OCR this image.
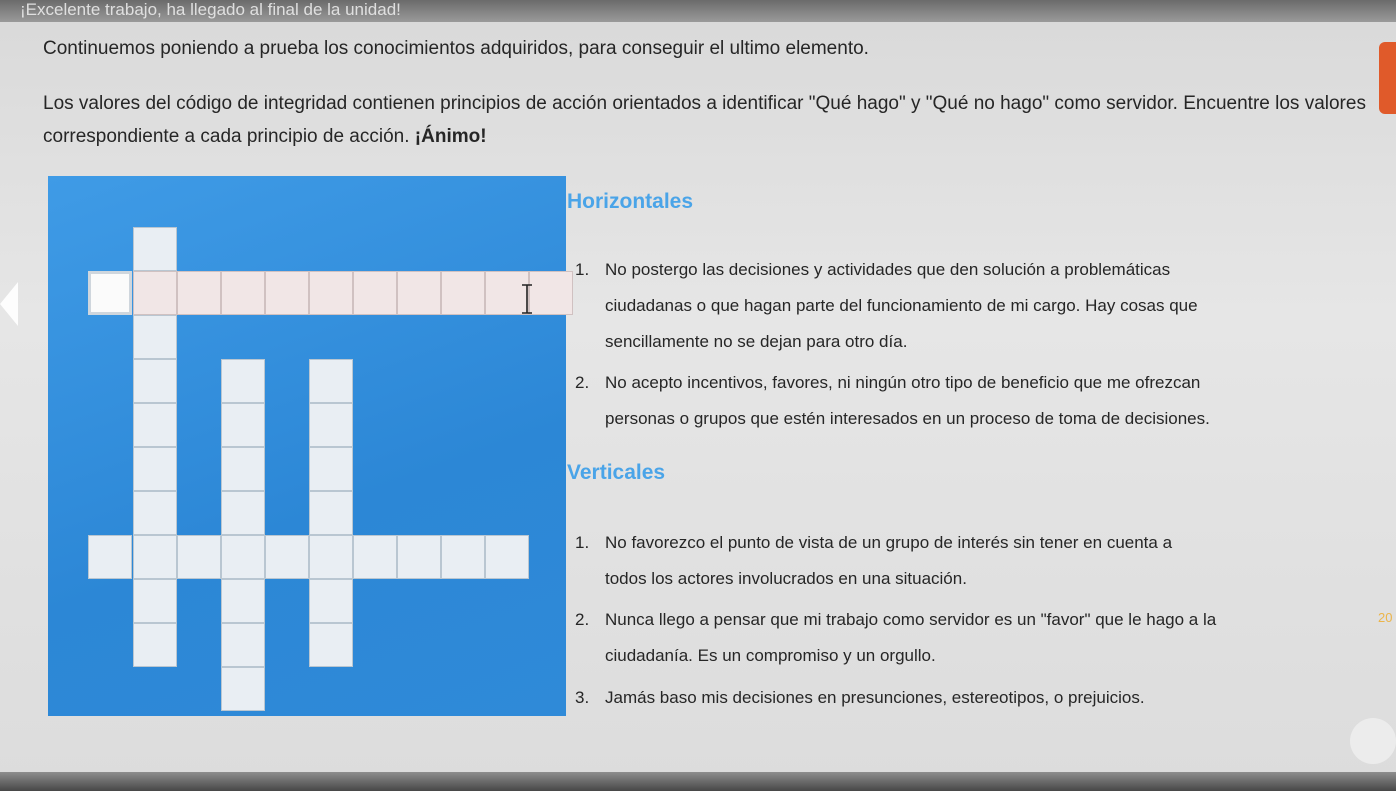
¡Excelente trabajo, ha llegado al final de la unidad!
Continuemos poniendo a prueba los conocimientos adquiridos, para conseguir el ultimo elemento.
Los valores del código de integridad contienen principios de acción orientados a identificar "Qué hago" y "Qué no hago" como servidor. Encuentre los valores correspondiente a cada principio de acción. ¡Ánimo!
Horizontales
1. No postergo las decisiones y actividades que den solución a problemáticas
ciudadanas o que hagan parte del funcionamiento de mi cargo. Hay cosas que
sencillamente no se dejan para otro día.
2. No acepto incentivos, favores, ni ningún otro tipo de beneficio que me ofrezcan
personas o grupos que estén interesados en un proceso de toma de decisiones.
Verticales
1. No favorezco el punto de vista de un grupo de interés sin tener en cuenta a
todos los actores involucrados en una situación.
2. Nunca llego a pensar que mi trabajo como servidor es un "favor" que le hago a la
ciudadanía. Es un compromiso y un orgullo.
3. Jamás baso mis decisiones en presunciones, estereotipos, o prejuicios.
20
